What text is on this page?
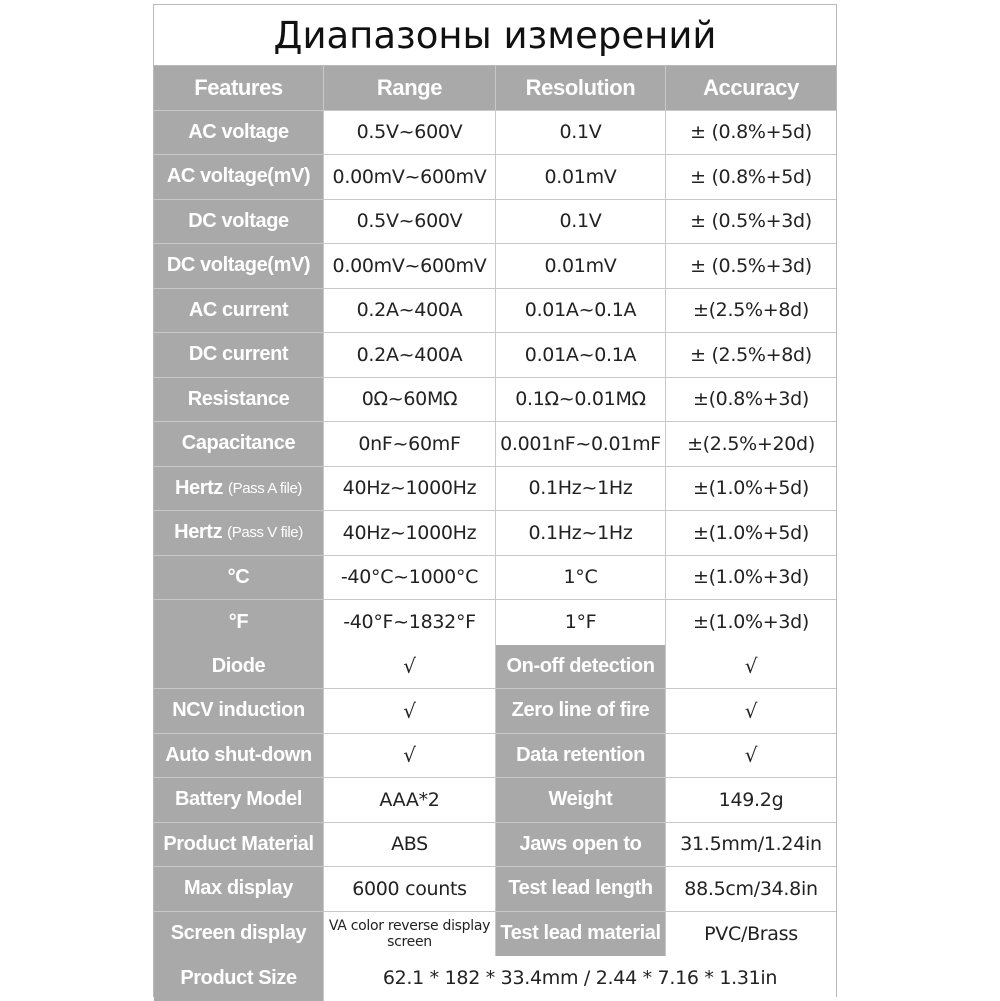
Диапазоны измерений
Features	Range	Resolution	Accuracy
AC voltage	0.5V~600V	0.1V	± (0.8%+5d)
AC voltage(mV)	0.00mV~600mV	0.01mV	± (0.8%+5d)
DC voltage	0.5V~600V	0.1V	± (0.5%+3d)
DC voltage(mV)	0.00mV~600mV	0.01mV	± (0.5%+3d)
AC current	0.2A~400A	0.01A~0.1A	±(2.5%+8d)
DC current	0.2A~400A	0.01A~0.1A	± (2.5%+8d)
Resistance	0Ω~60MΩ	0.1Ω~0.01MΩ	±(0.8%+3d)
Capacitance	0nF~60mF	0.001nF~0.01mF	±(2.5%+20d)
Hertz (Pass A file)	40Hz~1000Hz	0.1Hz~1Hz	±(1.0%+5d)
Hertz (Pass V file)	40Hz~1000Hz	0.1Hz~1Hz	±(1.0%+5d)
°C	-40°C~1000°C	1°C	±(1.0%+3d)
°F	-40°F~1832°F	1°F	±(1.0%+3d)
Diode	√	On-off detection	√
NCV induction	√	Zero line of fire	√
Auto shut-down	√	Data retention	√
Battery Model	AAA*2	Weight	149.2g
Product Material	ABS	Jaws open to	31.5mm/1.24in
Max display	6000 counts	Test lead length	88.5cm/34.8in
Screen display	VA color reverse display screen	Test lead material	PVC/Brass
Product Size	62.1 * 182 * 33.4mm / 2.44 * 7.16 * 1.31in
